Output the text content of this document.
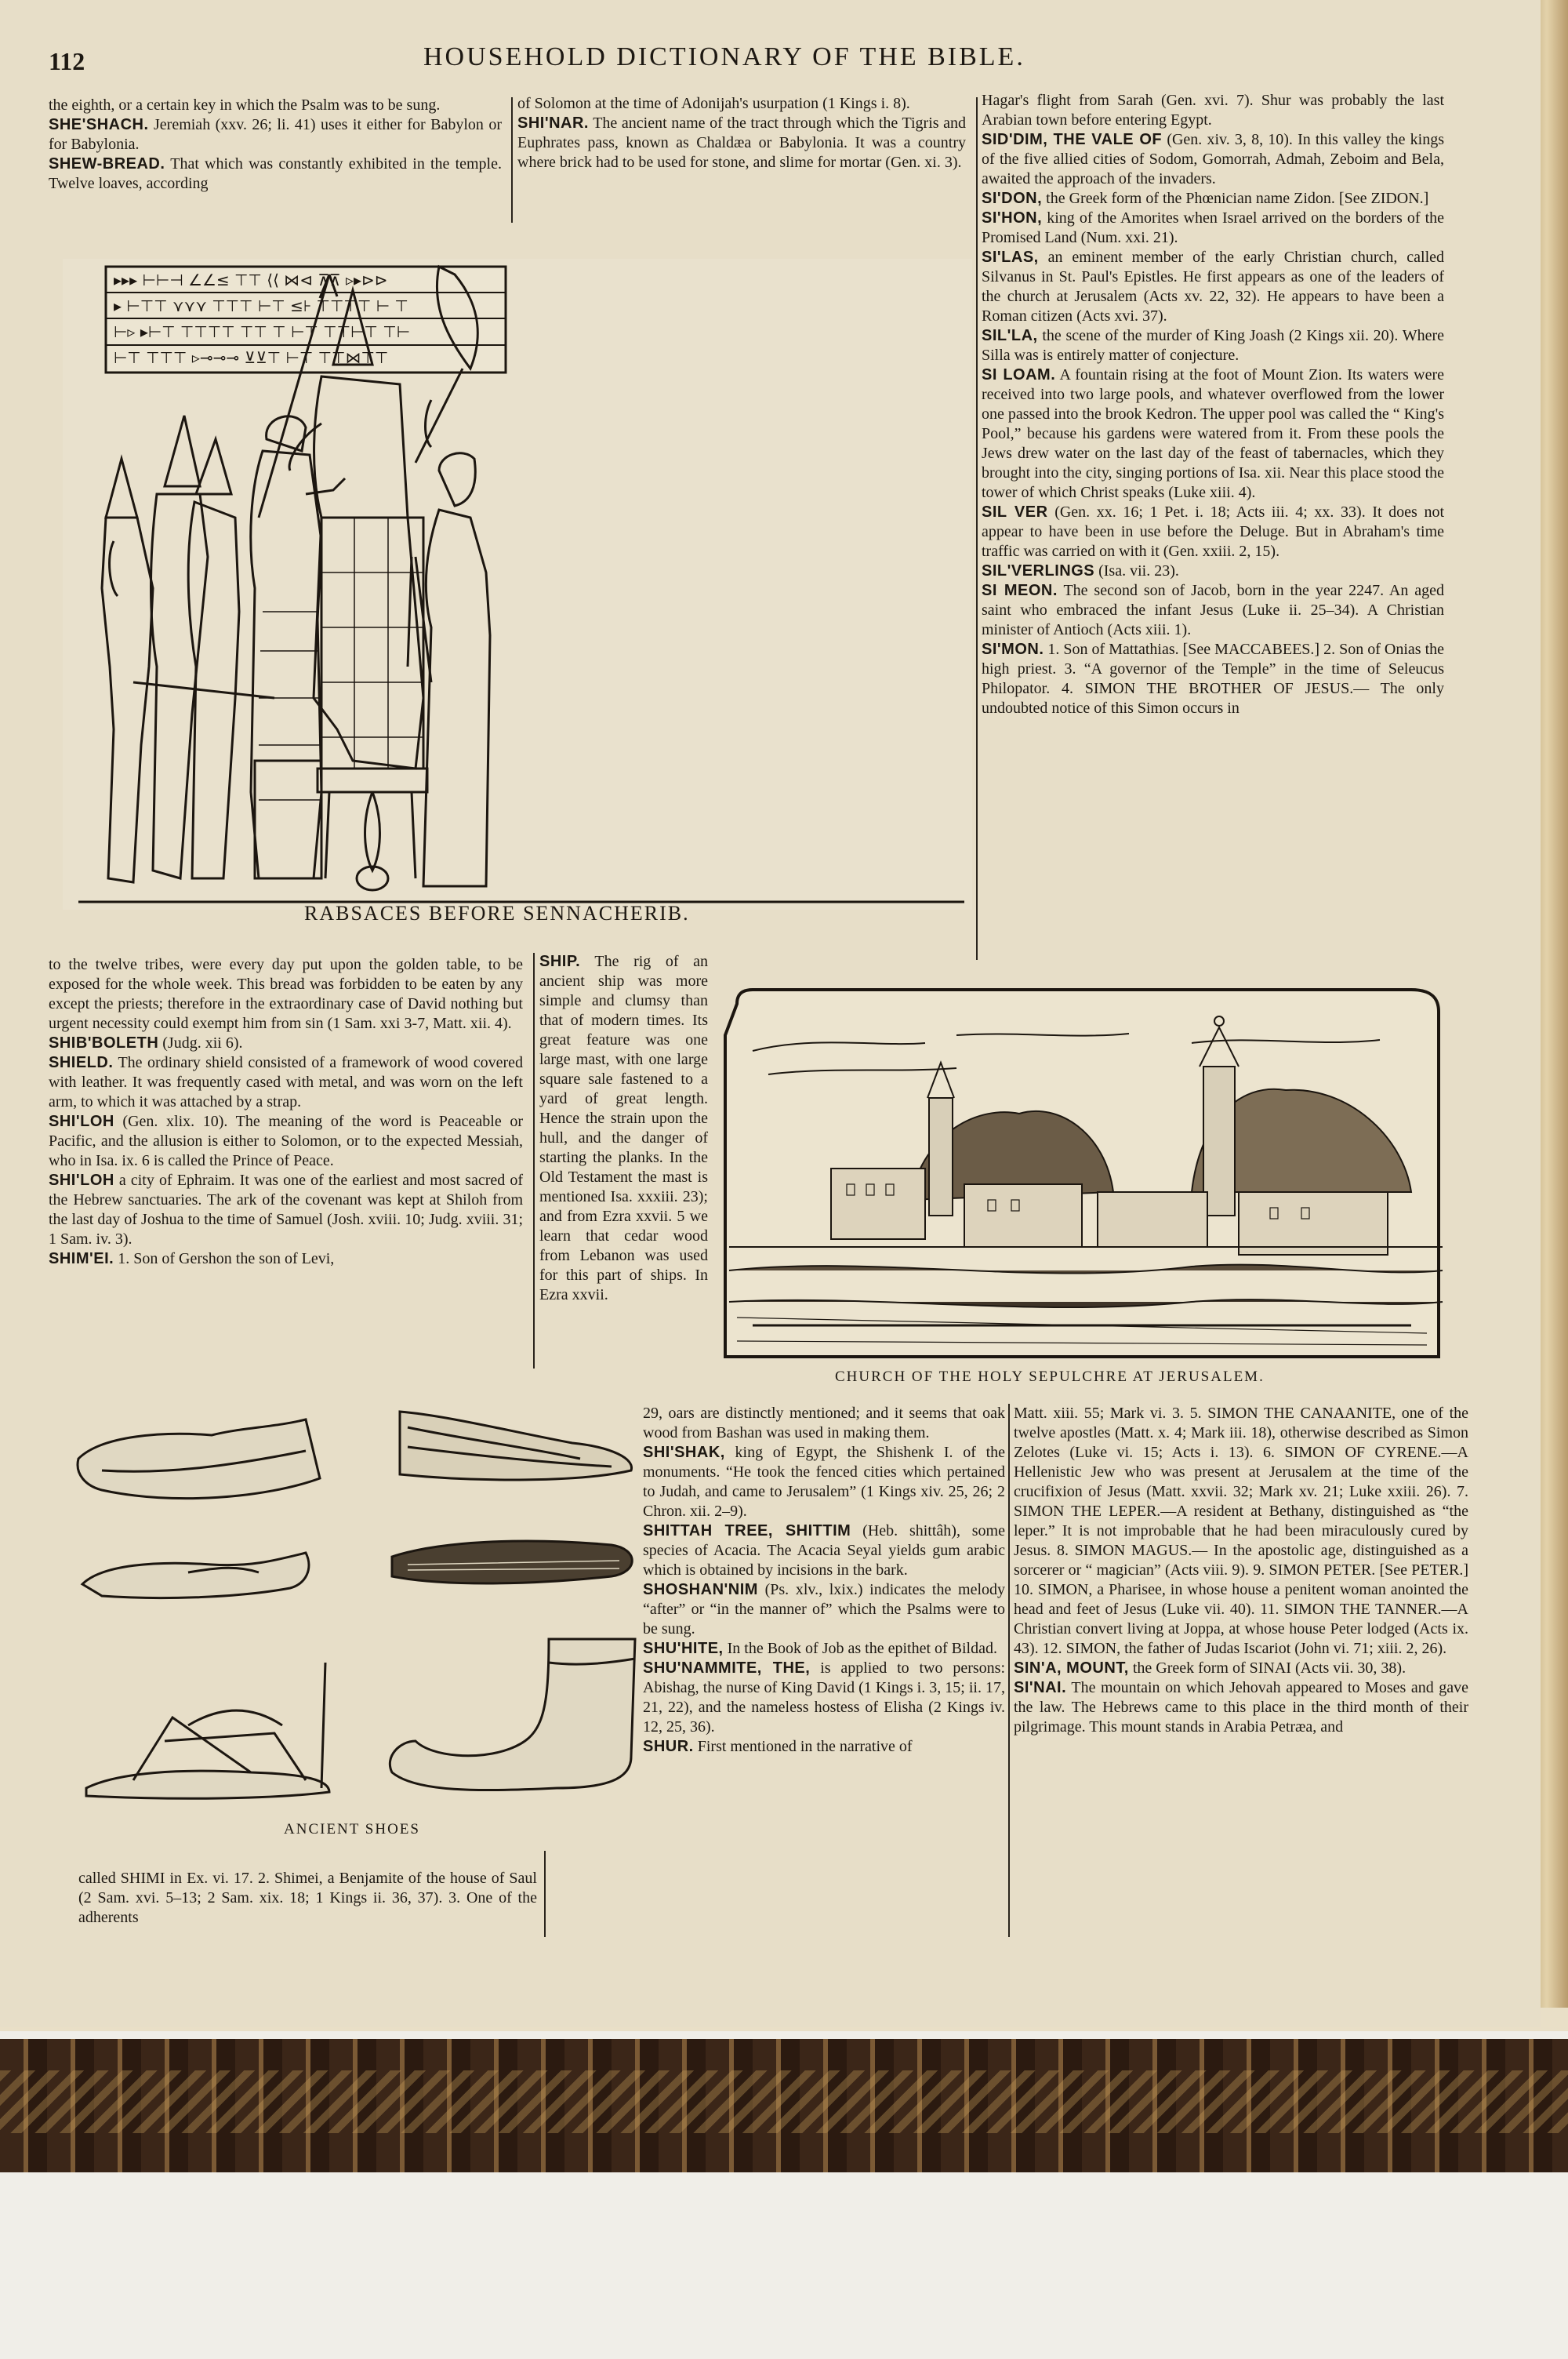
112	HOUSEHOLD DICTIONARY OF THE BIBLE.

the eighth, or a certain key in which the Psalm was to be sung.

SHE'SHACH. Jeremiah (xxv. 26; li. 41) uses it either for Babylon or for Babylonia.

SHEW-BREAD. That which was constantly exhibited in the temple. Twelve loaves, according

of Solomon at the time of Adonijah's usurpation (1 Kings i. 8).

SHI'NAR. The ancient name of the tract through which the Tigris and Euphrates pass, known as Chaldæa or Babylonia. It was a country where brick had to be used for stone, and slime for mortar (Gen. xi. 3).

Hagar's flight from Sarah (Gen. xvi. 7). Shur was probably the last Arabian town before entering Egypt.

SID'DIM, THE VALE OF (Gen. xiv. 3, 8, 10). In this valley the kings of the five allied cities of Sodom, Gomorrah, Admah, Zeboim and Bela, awaited the approach of the invaders.

SI'DON, the Greek form of the Phœnician name Zidon. [See ZIDON.]

SI'HON, king of the Amorites when Israel arrived on the borders of the Promised Land (Num. xxi. 21).

SI'LAS, an eminent member of the early Christian church, called Silvanus in St. Paul's Epistles. He first appears as one of the leaders of the church at Jerusalem (Acts xv. 22, 32). He appears to have been a Roman citizen (Acts xvi. 37).

SIL'LA, the scene of the murder of King Joash (2 Kings xii. 20). Where Silla was is entirely matter of conjecture.

SI LOAM. A fountain rising at the foot of Mount Zion. Its waters were received into two large pools, and whatever overflowed from the lower one passed into the brook Kedron. The upper pool was called the “ King's Pool,” because his gardens were watered from it. From these pools the Jews drew water on the last day of the feast of tabernacles, which they brought into the city, singing portions of Isa. xii. Near this place stood the tower of which Christ speaks (Luke xiii. 4).

SIL VER (Gen. xx. 16; 1 Pet. i. 18; Acts iii. 4; xx. 33). It does not appear to have been in use before the Deluge. But in Abraham's time traffic was carried on with it (Gen. xxiii. 2, 15).

SIL'VERLINGS (Isa. vii. 23).

SI MEON. The second son of Jacob, born in the year 2247. An aged saint who embraced the infant Jesus (Luke ii. 25–34). A Christian minister of Antioch (Acts xiii. 1).

SI'MON. 1. Son of Mattathias. [See MACCABEES.] 2. Son of Onias the high priest. 3. “A governor of the Temple” in the time of Seleucus Philopator. 4. SIMON THE BROTHER OF JESUS.— The only undoubted notice of this Simon occurs in

▸▸▸ ⊢⊢⊣ ∠∠≤ ⊤⊤ ⟨⟨ ⋈⊲ ⊼⊼ ▹▸⊳⊳
▸ ⊢⊤⊤ ⋎⋎⋎ ⊤⊤⊤ ⊢⊤ ≤⊦ ⊤⊤⊤⊤ ⊢ ⊤
⊢▹ ▸⊢⊤ ⊤⊤⊤⊤ ⊤⊤ ⊤ ⊢⊤ ⊤⊤⊢⊤ ⊤⊢
⊢⊤ ⊤⊤⊤ ▹⊸⊸⊸ ⊻⊻⊤ ⊢⊤ ⊤⊤⋈⊤⊤
RABSACES BEFORE SENNACHERIB.

to the twelve tribes, were every day put upon the golden table, to be exposed for the whole week. This bread was forbidden to be eaten by any except the priests; therefore in the extraordinary case of David nothing but urgent necessity could exempt him from sin (1 Sam. xxi 3-7, Matt. xii. 4).

SHIB'BOLETH (Judg. xii 6).

SHIELD. The ordinary shield consisted of a framework of wood covered with leather. It was frequently cased with metal, and was worn on the left arm, to which it was attached by a strap.

SHI'LOH (Gen. xlix. 10). The meaning of the word is Peaceable or Pacific, and the allusion is either to Solomon, or to the expected Messiah, who in Isa. ix. 6 is called the Prince of Peace.

SHI'LOH a city of Ephraim. It was one of the earliest and most sacred of the Hebrew sanctuaries. The ark of the covenant was kept at Shiloh from the last day of Joshua to the time of Samuel (Josh. xviii. 10; Judg. xviii. 31; 1 Sam. iv. 3).

SHIM'EI. 1. Son of Gershon the son of Levi,

SHIP. The rig of an ancient ship was more simple and clumsy than that of modern times. Its great feature was one large mast, with one large square sale fastened to a yard of great length. Hence the strain upon the hull, and the danger of starting the planks. In the Old Testament the mast is mentioned Isa. xxxiii. 23); and from Ezra xxvii. 5 we learn that cedar wood from Lebanon was used for this part of ships. In Ezra xxvii.

CHURCH OF THE HOLY SEPULCHRE AT JERUSALEM.
ANCIENT SHOES

29, oars are distinctly mentioned; and it seems that oak wood from Bashan was used in making them.

SHI'SHAK, king of Egypt, the Shishenk I. of the monuments. “He took the fenced cities which pertained to Judah, and came to Jerusalem” (1 Kings xiv. 25, 26; 2 Chron. xii. 2–9).

SHITTAH TREE, SHITTIM (Heb. shittâh), some species of Acacia. The Acacia Seyal yields gum arabic which is obtained by incisions in the bark.

SHOSHAN'NIM (Ps. xlv., lxix.) indicates the melody “after” or “in the manner of” which the Psalms were to be sung.

SHU'HITE, In the Book of Job as the epithet of Bildad.

SHU'NAMMITE, THE, is applied to two persons: Abishag, the nurse of King David (1 Kings i. 3, 15; ii. 17, 21, 22), and the nameless hostess of Elisha (2 Kings iv. 12, 25, 36).

SHUR. First mentioned in the narrative of

called SHIMI in Ex. vi. 17. 2. Shimei, a Benjamite of the house of Saul (2 Sam. xvi. 5–13; 2 Sam. xix. 18; 1 Kings ii. 36, 37). 3. One of the adherents

Matt. xiii. 55; Mark vi. 3. 5. SIMON THE CANAANITE, one of the twelve apostles (Matt. x. 4; Mark iii. 18), otherwise described as Simon Zelotes (Luke vi. 15; Acts i. 13). 6. SIMON OF CYRENE.—A Hellenistic Jew who was present at Jerusalem at the time of the crucifixion of Jesus (Matt. xxvii. 32; Mark xv. 21; Luke xxiii. 26). 7. SIMON THE LEPER.—A resident at Bethany, distinguished as “the leper.” It is not improbable that he had been miraculously cured by Jesus. 8. SIMON MAGUS.— In the apostolic age, distinguished as a sorcerer or “ magician” (Acts viii. 9). 9. SIMON PETER. [See PETER.] 10. SIMON, a Pharisee, in whose house a penitent woman anointed the head and feet of Jesus (Luke vii. 40). 11. SIMON THE TANNER.—A Christian convert living at Joppa, at whose house Peter lodged (Acts ix. 43). 12. SIMON, the father of Judas Iscariot (John vi. 71; xiii. 2, 26).

SIN'A, MOUNT, the Greek form of SINAI (Acts vii. 30, 38).

SI'NAI. The mountain on which Jehovah appeared to Moses and gave the law. The Hebrews came to this place in the third month of their pilgrimage. This mount stands in Arabia Petræa, and
